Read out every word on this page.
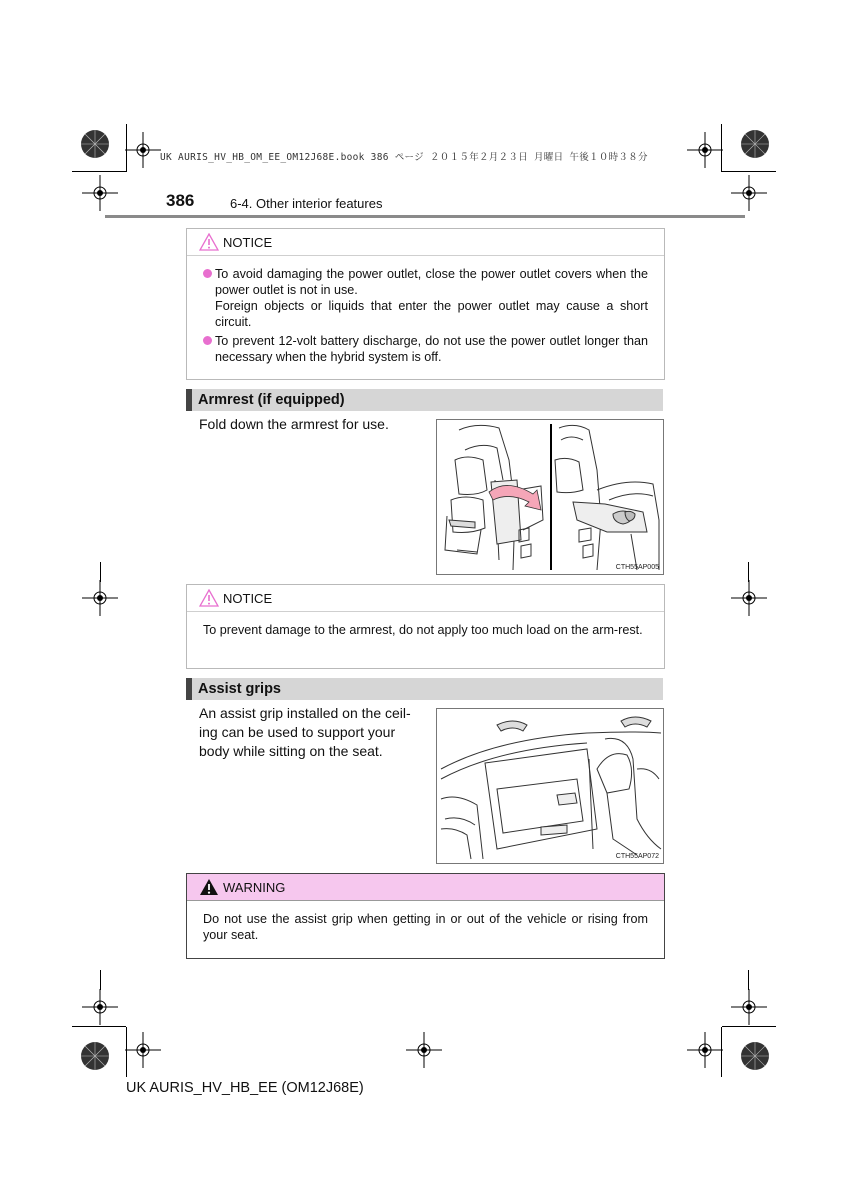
UK AURIS_HV_HB_OM_EE_OM12J68E.book 386 ページ ２０１５年２月２３日 月曜日 午後１０時３８分
386	6-4. Other interior features
NOTICE
To avoid damaging the power outlet, close the power outlet covers when the power outlet is not in use.
Foreign objects or liquids that enter the power outlet may cause a short circuit.
To prevent 12-volt battery discharge, do not use the power outlet longer than necessary when the hybrid system is off.
Armrest (if equipped)
Fold down the armrest for use.
CTH55AP005
NOTICE

To prevent damage to the armrest, do not apply too much load on the arm-rest.

Assist grips
An assist grip installed on the ceil-
ing can be used to support your
body while sitting on the seat.
CTH55AP072
WARNING

Do not use the assist grip when getting in or out of the vehicle or rising from your seat.

UK AURIS_HV_HB_EE (OM12J68E)
